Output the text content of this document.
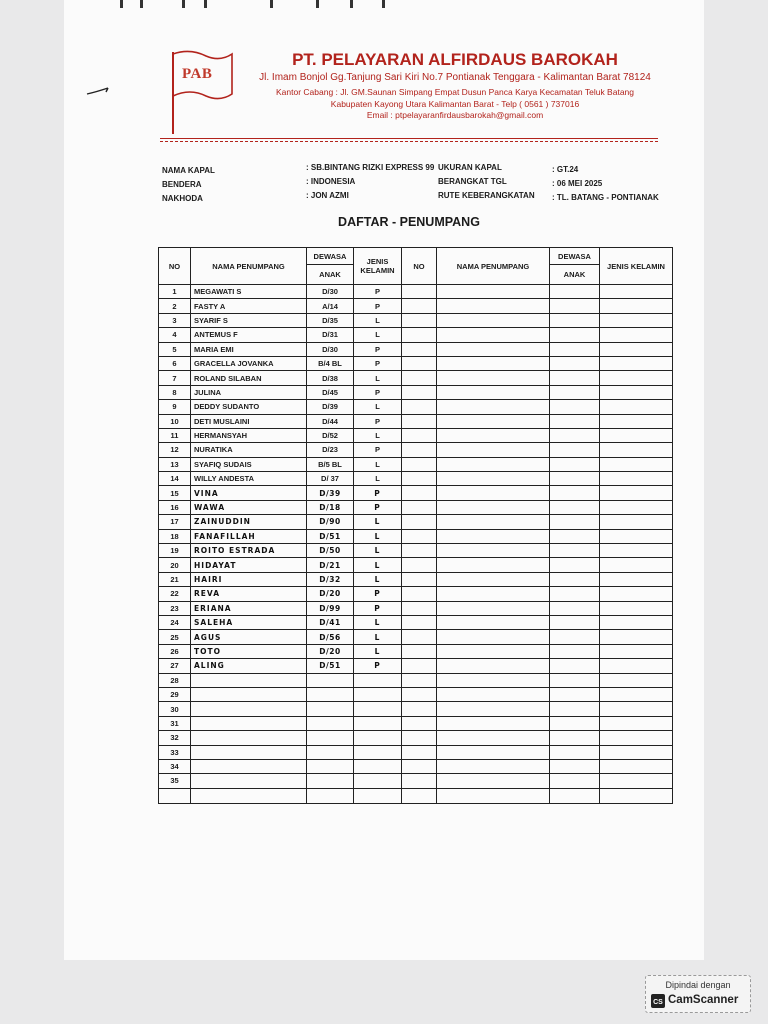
PAB
PT. PELAYARAN ALFIRDAUS BAROKAH
Jl. Imam Bonjol Gg.Tanjung Sari Kiri No.7 Pontianak Tenggara - Kalimantan Barat 78124
Kantor Cabang : Jl. GM.Saunan Simpang Empat Dusun Panca Karya Kecamatan Teluk Batang
Kabupaten Kayong Utara Kalimantan Barat - Telp ( 0561 ) 737016
Email : ptpelayaranfirdausbarokah@gmail.com
NAMA KAPAL
BENDERA
NAKHODA
: SB.BINTANG RIZKI EXPRESS 99
: INDONESIA
: JON AZMI
UKURAN KAPAL
BERANGKAT TGL
RUTE KEBERANGKATAN
: GT.24
: 06 MEI 2025
: TL. BATANG - PONTIANAK
DAFTAR - PENUMPANG
NO	NAMA PENUMPANG	DEWASA	JENIS KELAMIN	NO	NAMA PENUMPANG	DEWASA	JENIS KELAMIN
		ANAK				ANAK	
1	MEGAWATI S	D/30	P				
2	FASTY A	A/14	P				
3	SYARIF S	D/35	L				
4	ANTEMUS F	D/31	L				
5	MARIA EMI	D/30	P				
6	GRACELLA JOVANKA	B/4 BL	P				
7	ROLAND SILABAN	D/38	L				
8	JULINA	D/45	P				
9	DEDDY SUDANTO	D/39	L				
10	DETI MUSLAINI	D/44	P				
11	HERMANSYAH	D/52	L				
12	NURATIKA	D/23	P				
13	SYAFIQ SUDAIS	B/5 BL	L				
14	WILLY ANDESTA	D/ 37	L				
15	VINA	D/39	P				
16	WAWA	D/18	P				
17	ZAINUDDIN	D/90	L				
18	FANAFILLAH	D/51	L				
19	ROITO ESTRADA	D/50	L				
20	HIDAYAT	D/21	L				
21	HAIRI	D/32	L				
22	REVA	D/20	P				
23	ERIANA	D/99	P				
24	SALEHA	D/41	L				
25	AGUS	D/56	L				
26	TOTO	D/20	L				
27	ALING	D/51	P				
28							
29							
30							
31							
32							
33							
34							
35							

Dipindai dengan
CS CamScanner
